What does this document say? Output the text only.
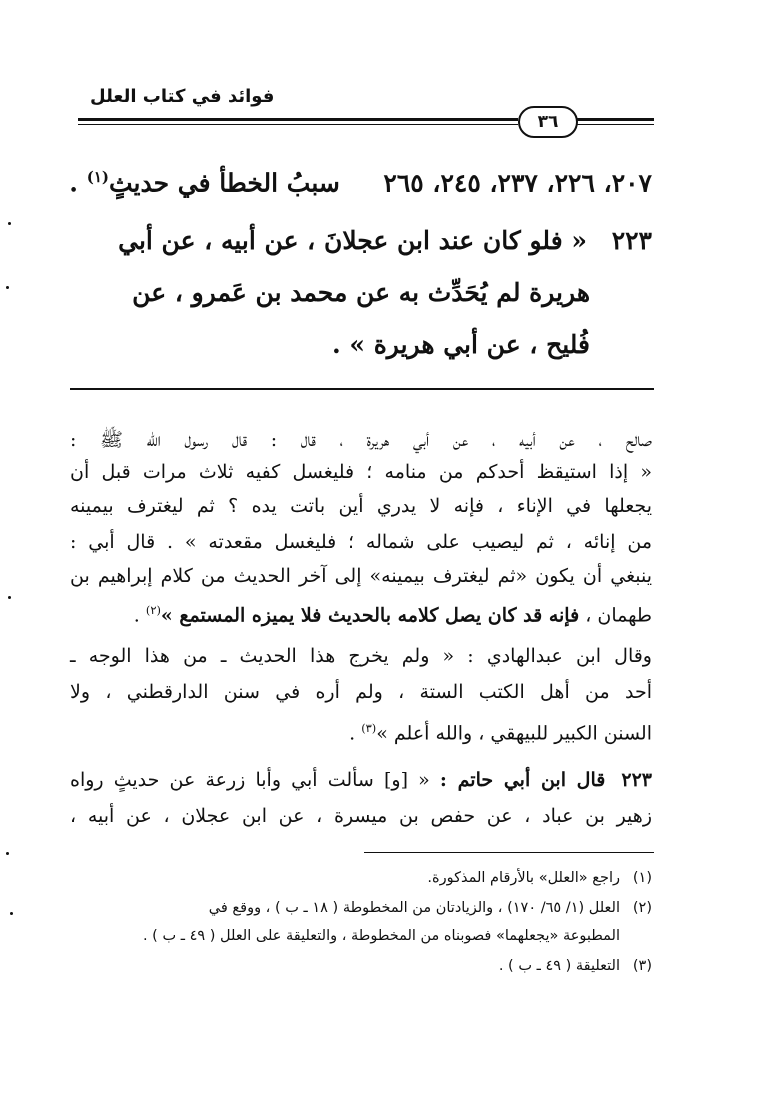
فوائد في كتاب العلل
٣٦
٢٠٧، ٢٢٦، ٢٣٧، ٢٤٥، ٢٦٥     سببُ الخطأ في حديثٍ$^{(١)}$ .
٢٢٣ « فلو كان عند ابن عجلانَ ، عن أبيه ، عن أبي
هريرة لم يُحَدِّث به عن محمد بن عَمرو ، عن
فُليح ، عن أبي هريرة » .
صالح ، عن أبيه ، عن أبي هريرة ، قال : قال رسول الله ﷺ :
« إذا استيقظ أحدكم من منامه ؛ فليغسل كفيه ثلاث مرات قبل أن
يجعلها في الإناء ، فإنه لا يدري أين باتت يده ؟ ثم ليغترف بيمينه
من إنائه ، ثم ليصيب على شماله ؛ فليغسل مقعدته » . قال أبي :
ينبغي أن يكون «ثم ليغترف بيمينه» إلى آخر الحديث من كلام إبراهيم بن
طهمان ، فإنه قد كان يصل كلامه بالحديث فلا يميزه المستمع »$^{(٢)}$ .
وقال ابن عبدالهادي : « ولم يخرج هذا الحديث ـ من هذا الوجه ـ
أحد من أهل الكتب الستة ، ولم أره في سنن الدارقطني ، ولا
السنن الكبير للبيهقي ، والله أعلم »$^{(٣)}$ .
٢٢٣قال ابن أبي حاتم : « [و] سألت أبي وأبا زرعة عن حديثٍ رواه
زهير بن عباد ، عن حفص بن ميسرة ، عن ابن عجلان ، عن أبيه ،
(١)راجع «العلل» بالأرقام المذكورة.
(٢)العلل (١/ ٦٥/ ١٧٠) ، والزيادتان من المخطوطة ( ١٨ ـ ب ) ، ووقع في
المطبوعة «يجعلهما» فصوبناه من المخطوطة ، والتعليقة على العلل ( ٤٩ ـ ب ) .
(٣)التعليقة ( ٤٩ ـ ب ) .
